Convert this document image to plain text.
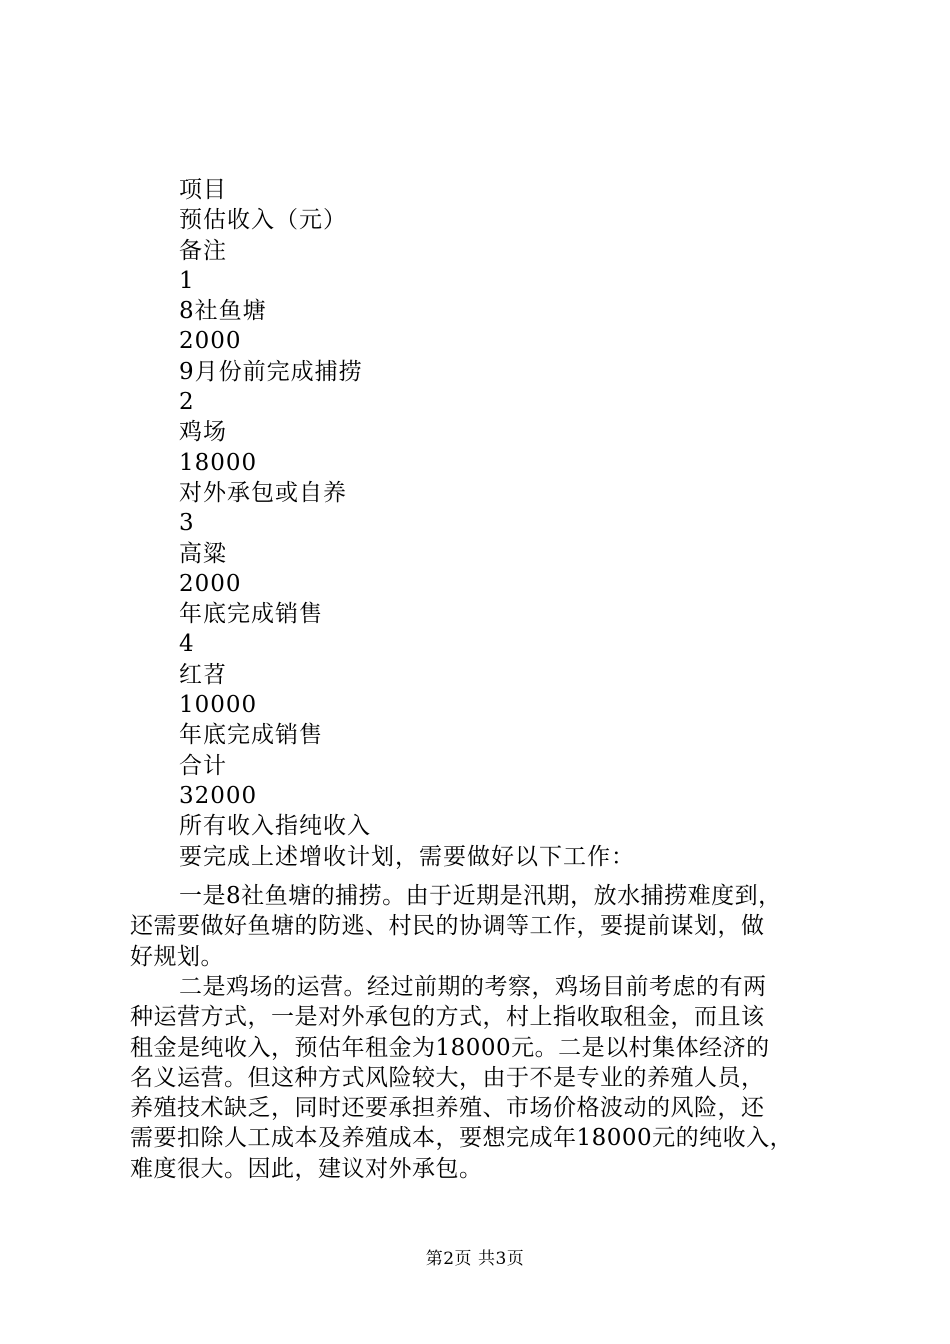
项目
预估收入（元）
备注
1
8社鱼塘
2000
9月份前完成捕捞
2
鸡场
18000
对外承包或自养
3
高粱
2000
年底完成销售
4
红苕
10000
年底完成销售
合计
32000
所有收入指纯收入
要完成上述增收计划，需要做好以下工作：
一是8社鱼塘的捕捞。由于近期是汛期，放水捕捞难度到，
还需要做好鱼塘的防逃、村民的协调等工作，要提前谋划，做
好规划。
二是鸡场的运营。经过前期的考察，鸡场目前考虑的有两
种运营方式，一是对外承包的方式，村上指收取租金，而且该
租金是纯收入，预估年租金为18000元。二是以村集体经济的
名义运营。但这种方式风险较大，由于不是专业的养殖人员，
养殖技术缺乏，同时还要承担养殖、市场价格波动的风险，还
需要扣除人工成本及养殖成本，要想完成年18000元的纯收入，
难度很大。因此，建议对外承包。
第2页 共3页
